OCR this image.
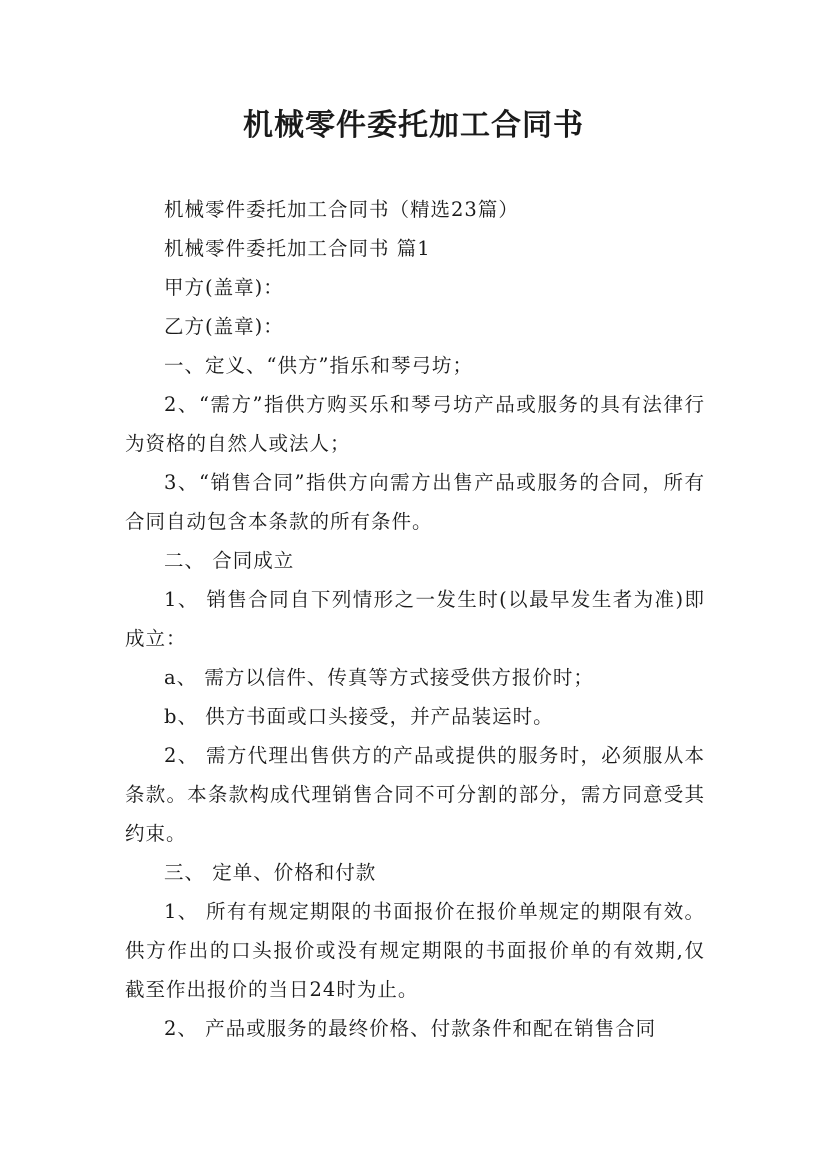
机械零件委托加工合同书

机械零件委托加工合同书（精选23篇）

机械零件委托加工合同书 篇1

甲方(盖章)：

乙方(盖章)：

一、定义、“供方”指乐和琴弓坊；

2、“需方”指供方购买乐和琴弓坊产品或服务的具有法律行为资格的自然人或法人；

3、“销售合同”指供方向需方出售产品或服务的合同，所有合同自动包含本条款的所有条件。

二、 合同成立

1、 销售合同自下列情形之一发生时(以最早发生者为准)即成立：

a、 需方以信件、传真等方式接受供方报价时；

b、 供方书面或口头接受，并产品装运时。

2、 需方代理出售供方的产品或提供的服务时，必须服从本条款。本条款构成代理销售合同不可分割的部分，需方同意受其约束。

三、 定单、价格和付款

1、 所有有规定期限的书面报价在报价单规定的期限有效。供方作出的口头报价或没有规定期限的书面报价单的有效期,仅截至作出报价的当日24时为止。

2、 产品或服务的最终价格、付款条件和配在销售合同
